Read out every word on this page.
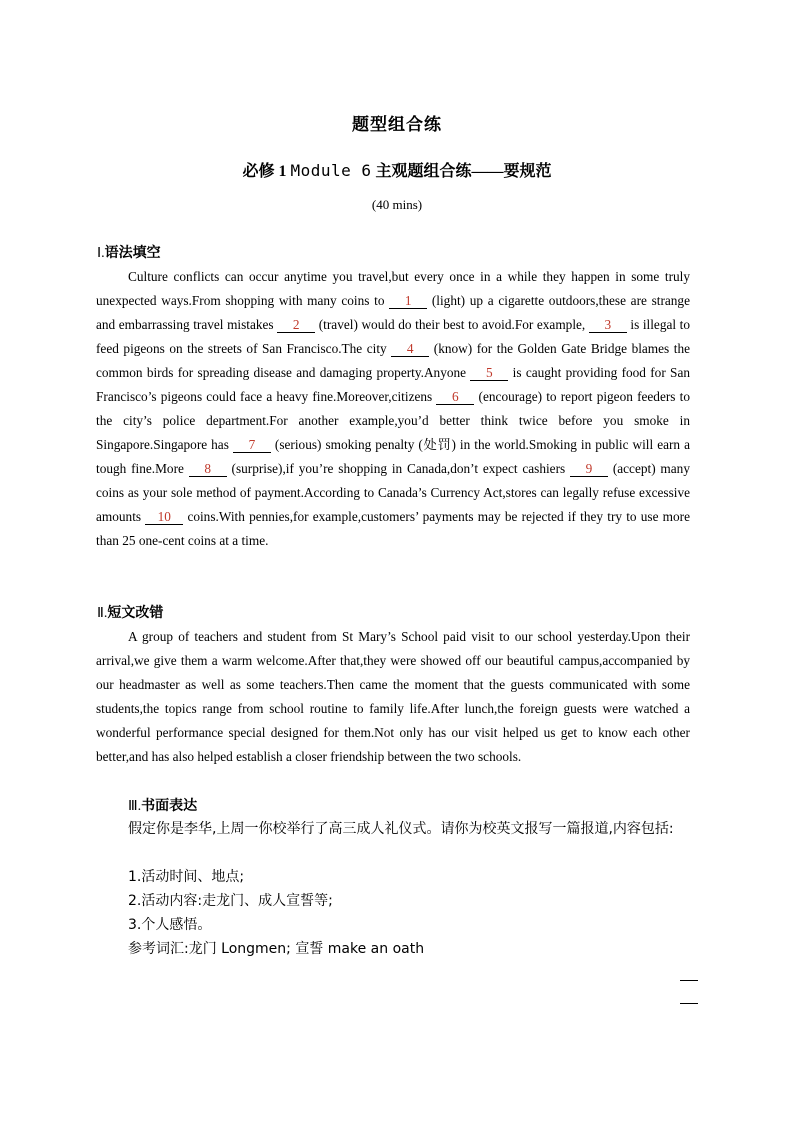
题型组合练
必修 1 Module 6 主观题组合练——要规范
(40 mins)
Ⅰ.语法填空
Culture conflicts can occur anytime you travel,but every once in a while they happen in some truly unexpected ways.From shopping with many coins to 1 (light) up a cigarette outdoors,these are strange and embarrassing travel mistakes 2 (travel) would do their best to avoid.For example, 3 is illegal to feed pigeons on the streets of San Francisco.The city 4 (know) for the Golden Gate Bridge blames the common birds for spreading disease and damaging property.Anyone 5 is caught providing food for San Francisco’s pigeons could face a heavy fine.Moreover,citizens 6 (encourage) to report pigeon feeders to the city’s police department.For another example,you’d better think twice before you smoke in Singapore.Singapore has 7 (serious) smoking penalty (处罚) in the world.Smoking in public will earn a tough fine.More 8 (surprise),if you’re shopping in Canada,don’t expect cashiers 9 (accept) many coins as your sole method of payment.According to Canada’s Currency Act,stores can legally refuse excessive amounts 10 coins.With pennies,for example,customers’ payments may be rejected if they try to use more than 25 one-cent coins at a time.
Ⅱ.短文改错
A group of teachers and student from St Mary’s School paid visit to our school yesterday.Upon their arrival,we give them a warm welcome.After that,they were showed off our beautiful campus,accompanied by our headmaster as well as some teachers.Then came the moment that the guests communicated with some students,the topics range from school routine to family life.After lunch,the foreign guests were watched a wonderful performance special designed for them.Not only has our visit helped us get to know each other better,and has also helped establish a closer friendship between the two schools.
Ⅲ.书面表达
假定你是李华,上周一你校举行了高三成人礼仪式。请你为校英文报写一篇报道,内容包括:
1.活动时间、地点;
2.活动内容:走龙门、成人宣誓等;
3.个人感悟。
参考词汇:龙门 Longmen; 宣誓 make an oath
